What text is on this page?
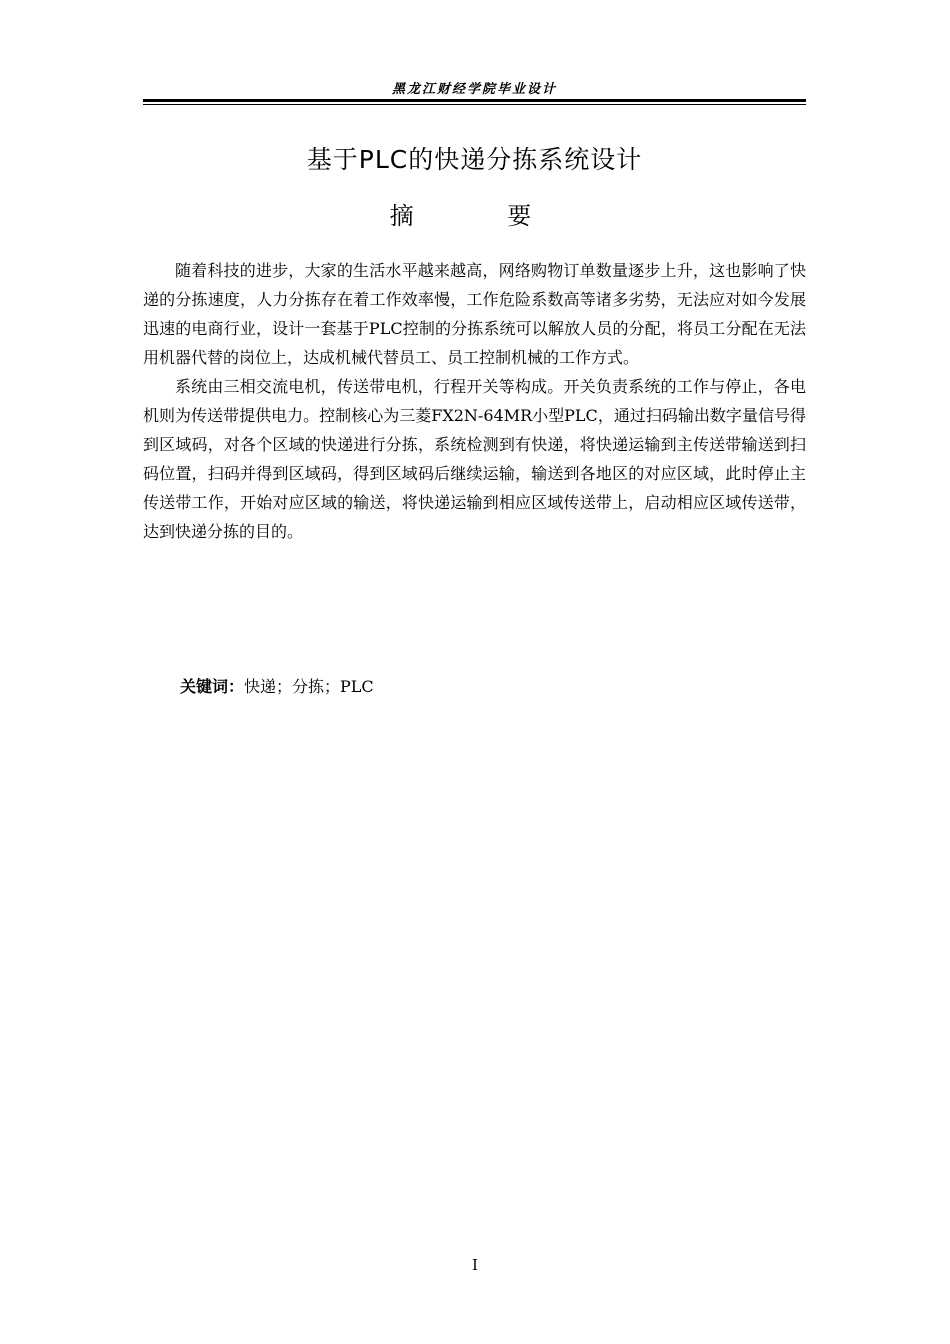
黑龙江财经学院毕业设计
基于PLC的快递分拣系统设计
摘 要

随着科技的进步，大家的生活水平越来越高，网络购物订单数量逐步上升，这也影响了快递的分拣速度，人力分拣存在着工作效率慢，工作危险系数高等诸多劣势，无法应对如今发展迅速的电商行业，设计一套基于PLC控制的分拣系统可以解放人员的分配，将员工分配在无法用机器代替的岗位上，达成机械代替员工、员工控制机械的工作方式。

系统由三相交流电机，传送带电机，行程开关等构成。开关负责系统的工作与停止，各电机则为传送带提供电力。控制核心为三菱FX2N-64MR小型PLC，通过扫码输出数字量信号得到区域码，对各个区域的快递进行分拣，系统检测到有快递，将快递运输到主传送带输送到扫码位置，扫码并得到区域码，得到区域码后继续运输，输送到各地区的对应区域，此时停止主传送带工作，开始对应区域的输送，将快递运输到相应区域传送带上，启动相应区域传送带，达到快递分拣的目的。

关键词：快递；分拣；PLC
I
